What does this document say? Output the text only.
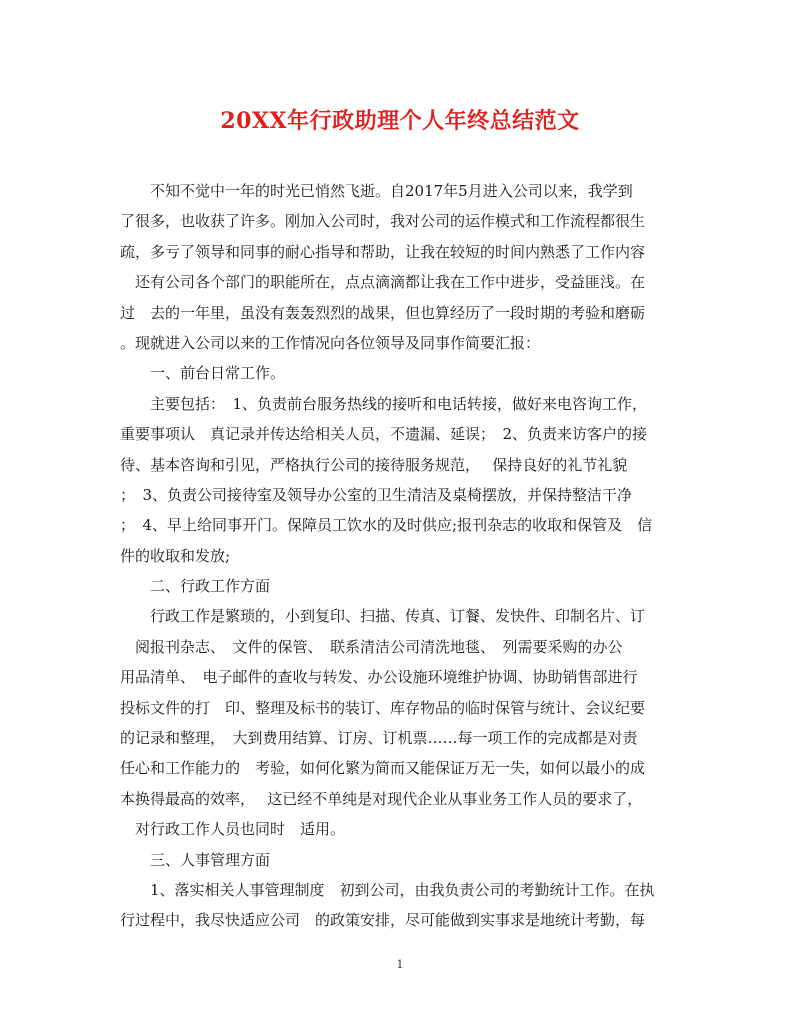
20XX年行政助理个人年终总结范文
　　不知不觉中一年的时光已悄然飞逝。自2017年5月进入公司以来，我学到
了很多，也收获了许多。刚加入公司时，我对公司的运作模式和工作流程都很生
疏，多亏了领导和同事的耐心指导和帮助，让我在较短的时间内熟悉了工作内容
　还有公司各个部门的职能所在，点点滴滴都让我在工作中进步，受益匪浅。在
过　去的一年里，虽没有轰轰烈烈的战果，但也算经历了一段时期的考验和磨砺
。现就进入公司以来的工作情况向各位领导及同事作简要汇报：
　　一、前台日常工作。
　　主要包括：　1、负责前台服务热线的接听和电话转接，做好来电咨询工作，
重要事项认　真记录并传达给相关人员，不遗漏、延误；　2、负责来访客户的接
待、基本咨询和引见，严格执行公司的接待服务规范，　 保持良好的礼节礼貌
；　3、负责公司接待室及领导办公室的卫生清洁及桌椅摆放，并保持整洁干净
；　4、早上给同事开门。保障员工饮水的及时供应;报刊杂志的收取和保管及　信
件的收取和发放;
　　二、行政工作方面
　　行政工作是繁琐的，小到复印、扫描、传真、订餐、发快件、印制名片、订
　阅报刊杂志、　文件的保管、　联系清洁公司清洗地毯、　列需要采购的办公
用品清单、　电子邮件的查收与转发、办公设施环境维护协调、协助销售部进行
投标文件的打　印、整理及标书的装订、库存物品的临时保管与统计、会议纪要
的记录和整理，　大到费用结算、订房、订机票……每一项工作的完成都是对责
任心和工作能力的　考验，如何化繁为简而又能保证万无一失，如何以最小的成
本换得最高的效率，　 这已经不单纯是对现代企业从事业务工作人员的要求了，
　对行政工作人员也同时　适用。
　　三、人事管理方面
　　1、落实相关人事管理制度　初到公司，由我负责公司的考勤统计工作。在执
行过程中，我尽快适应公司　的政策安排，尽可能做到实事求是地统计考勤，每
1
